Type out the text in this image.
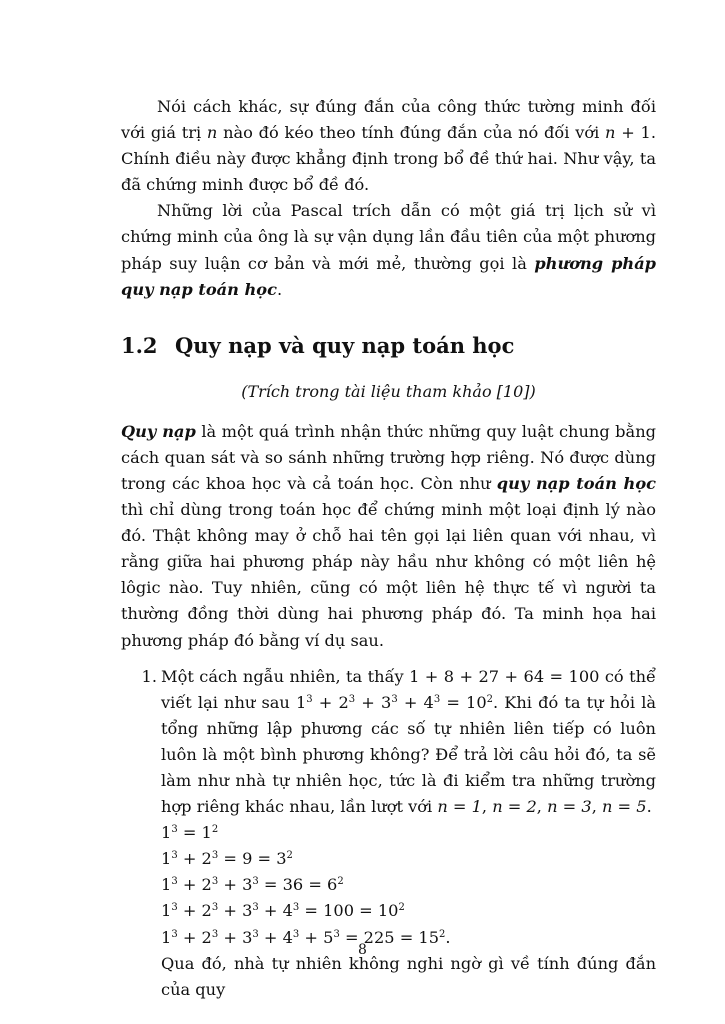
Nói cách khác, sự đúng đắn của công thức tường minh đối với giá trị n nào đó kéo theo tính đúng đắn của nó đối với n + 1. Chính điều này được khẳng định trong bổ đề thứ hai. Như vậy, ta đã chứng minh được bổ đề đó.

Những lời của Pascal trích dẫn có một giá trị lịch sử vì chứng minh của ông là sự vận dụng lần đầu tiên của một phương pháp suy luận cơ bản và mới mẻ, thường gọi là phương pháp quy nạp toán học.

1.2 Quy nạp và quy nạp toán học
(Trích trong tài liệu tham khảo [10])

Quy nạp là một quá trình nhận thức những quy luật chung bằng cách quan sát và so sánh những trường hợp riêng. Nó được dùng trong các khoa học và cả toán học. Còn như quy nạp toán học thì chỉ dùng trong toán học để chứng minh một loại định lý nào đó. Thật không may ở chỗ hai tên gọi lại liên quan với nhau, vì rằng giữa hai phương pháp này hầu như không có một liên hệ lôgic nào. Tuy nhiên, cũng có một liên hệ thực tế vì người ta thường đồng thời dùng hai phương pháp đó. Ta minh họa hai phương pháp đó bằng ví dụ sau.

1. Một cách ngẫu nhiên, ta thấy 1 + 8 + 27 + 64 = 100 có thể viết lại như sau $1^3 + 2^3 + 3^3 + 4^3 = 10^2$. Khi đó ta tự hỏi là tổng những lập phương các số tự nhiên liên tiếp có luôn luôn là một bình phương không? Để trả lời câu hỏi đó, ta sẽ làm như nhà tự nhiên học, tức là đi kiểm tra những trường hợp riêng khác nhau, lần lượt với n = 1, n = 2, n = 3, n = 5.

$1^3 = 1^2$
$1^3 + 2^3 = 9 = 3^2$
$1^3 + 2^3 + 3^3 = 36 = 6^2$
$1^3 + 2^3 + 3^3 + 4^3 = 100 = 10^2$
$1^3 + 2^3 + 3^3 + 4^3 + 5^3 = 225 = 15^2$.

Qua đó, nhà tự nhiên không nghi ngờ gì về tính đúng đắn của quy

8
